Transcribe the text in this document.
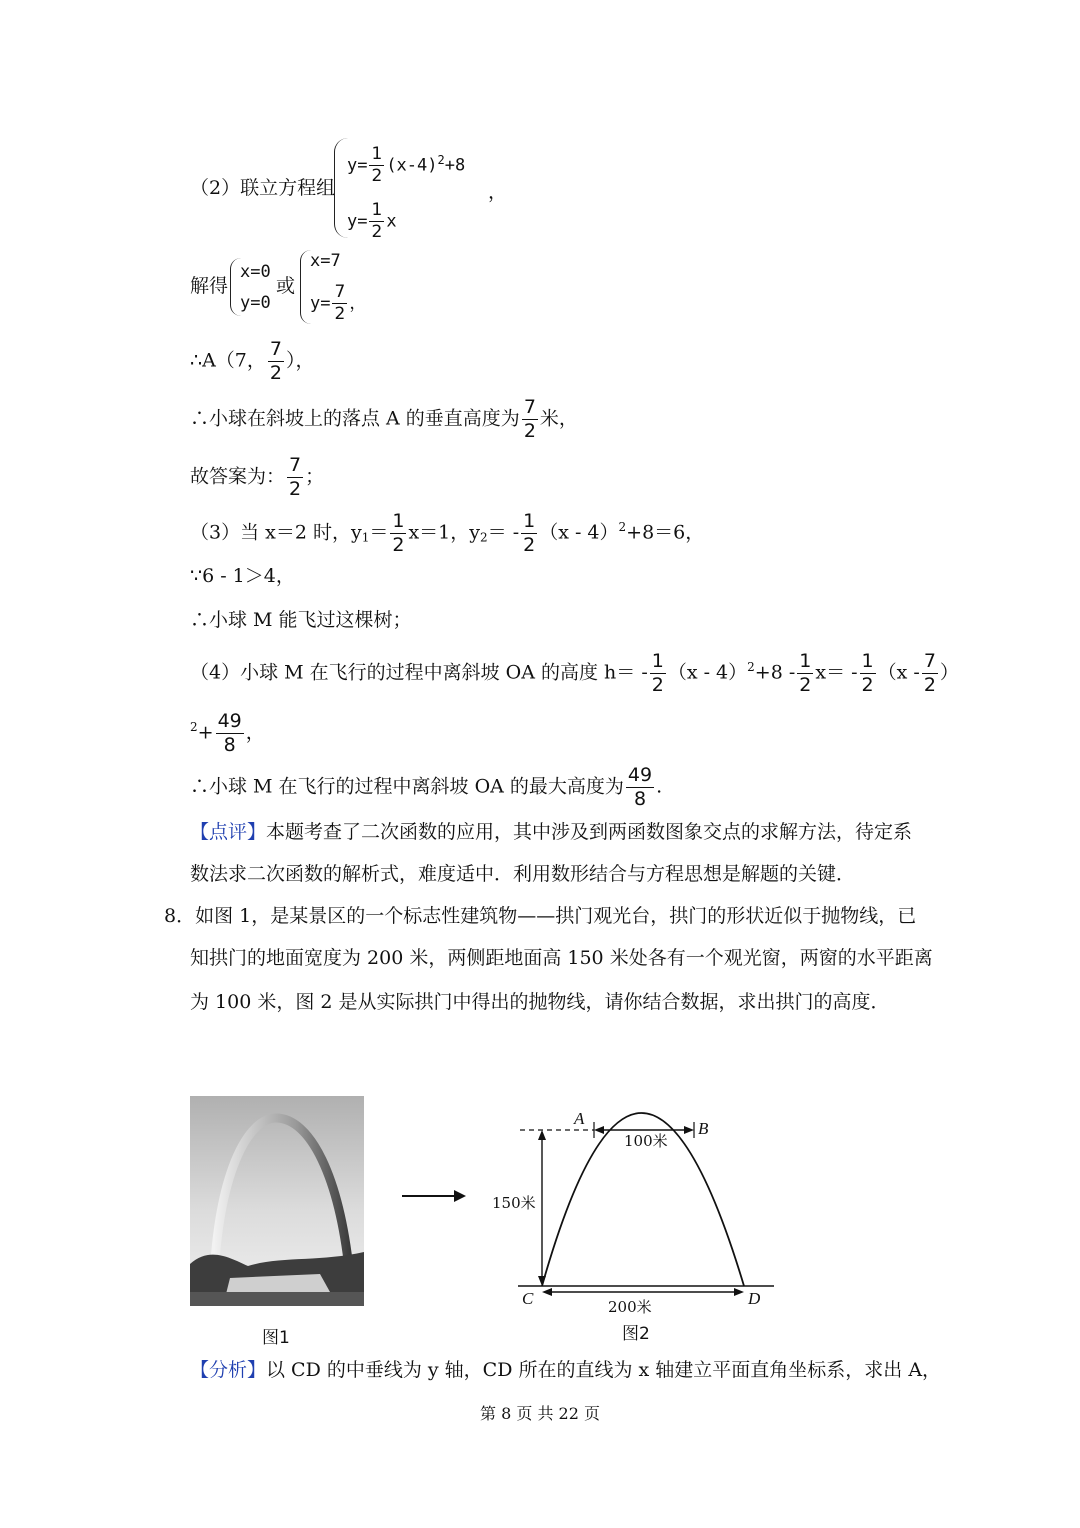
（2）联立方程组
$y= \frac{1}{2} (x-4)^2+8$
，
$y= \frac{1}{2}$ x
解得
x=0
y=0
或
x=7
$y= \frac{7}{2}$ ，
∴A（7， $\frac{7}{2}$ ），
∴小球在斜坡上的落点 A 的垂直高度为 $\frac{7}{2}$ 米，
故答案为： $\frac{7}{2}$ ；
（3）当 x＝2 时，$y_1= \frac{1}{2} x=1$，$y_2= - \frac{1}{2} (x - 4)^2+8=6$，
∵6 - 1＞4，
∴小球 M 能飞过这棵树；
（4）小球 M 在飞行的过程中离斜坡 OA 的高度 $h= - \frac{1}{2} (x - 4)^2+8 - \frac{1}{2} x= - \frac{1}{2} (x - \frac{7}{2}$ ）
$^2+ \frac{49}{8}$ ，
∴小球 M 在飞行的过程中离斜坡 OA 的最大高度为 $\frac{49}{8}$ .
【点评】本题考查了二次函数的应用，其中涉及到两函数图象交点的求解方法，待定系
数法求二次函数的解析式，难度适中．利用数形结合与方程思想是解题的关键．
8．如图 1，是某景区的一个标志性建筑物——拱门观光台，拱门的形状近似于抛物线，已
知拱门的地面宽度为 200 米，两侧距地面高 150 米处各有一个观光窗，两窗的水平距离
为 100 米，图 2 是从实际拱门中得出的抛物线，请你结合数据，求出拱门的高度．
图1
A
B
C	D
100米
150米
200米
图2
【分析】以 CD 的中垂线为 y 轴，CD 所在的直线为 x 轴建立平面直角坐标系，求出 A，
第 8 页 共 22 页
